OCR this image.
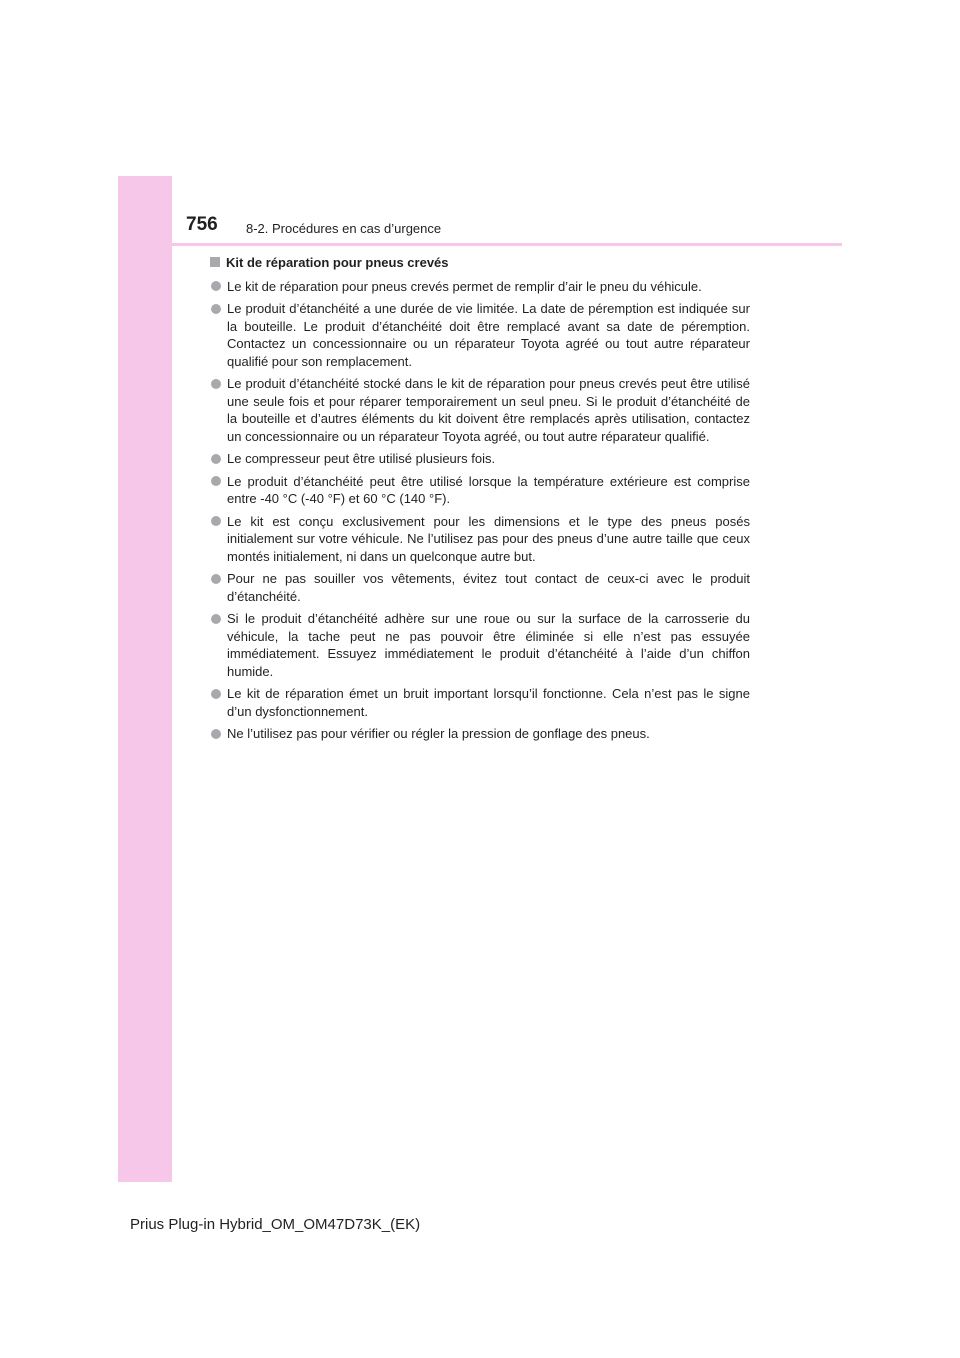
756 8-2. Procédures en cas d’urgence
Kit de réparation pour pneus crevés
Le kit de réparation pour pneus crevés permet de remplir d’air le pneu du véhicule.
Le produit d’étanchéité a une durée de vie limitée. La date de péremption est indiquée sur la bouteille. Le produit d’étanchéité doit être remplacé avant sa date de péremption. Contactez un concessionnaire ou un réparateur Toyota agréé ou tout autre réparateur qualifié pour son remplacement.
Le produit d’étanchéité stocké dans le kit de réparation pour pneus crevés peut être utilisé une seule fois et pour réparer temporairement un seul pneu. Si le produit d’étanchéité de la bouteille et d’autres éléments du kit doivent être remplacés après utilisation, contactez un concessionnaire ou un réparateur Toyota agréé, ou tout autre réparateur qualifié.
Le compresseur peut être utilisé plusieurs fois.
Le produit d’étanchéité peut être utilisé lorsque la température extérieure est comprise entre -40 °C (-40 °F) et 60 °C (140 °F).
Le kit est conçu exclusivement pour les dimensions et le type des pneus posés initialement sur votre véhicule. Ne l’utilisez pas pour des pneus d’une autre taille que ceux montés initialement, ni dans un quelconque autre but.
Pour ne pas souiller vos vêtements, évitez tout contact de ceux-ci avec le produit d’étanchéité.
Si le produit d’étanchéité adhère sur une roue ou sur la surface de la carrosserie du véhicule, la tache peut ne pas pouvoir être éliminée si elle n’est pas essuyée immédiatement. Essuyez immédiatement le produit d’étanchéité à l’aide d’un chiffon humide.
Le kit de réparation émet un bruit important lorsqu’il fonctionne. Cela n’est pas le signe d’un dysfonctionnement.
Ne l’utilisez pas pour vérifier ou régler la pression de gonflage des pneus.
Prius Plug-in Hybrid_OM_OM47D73K_(EK)
